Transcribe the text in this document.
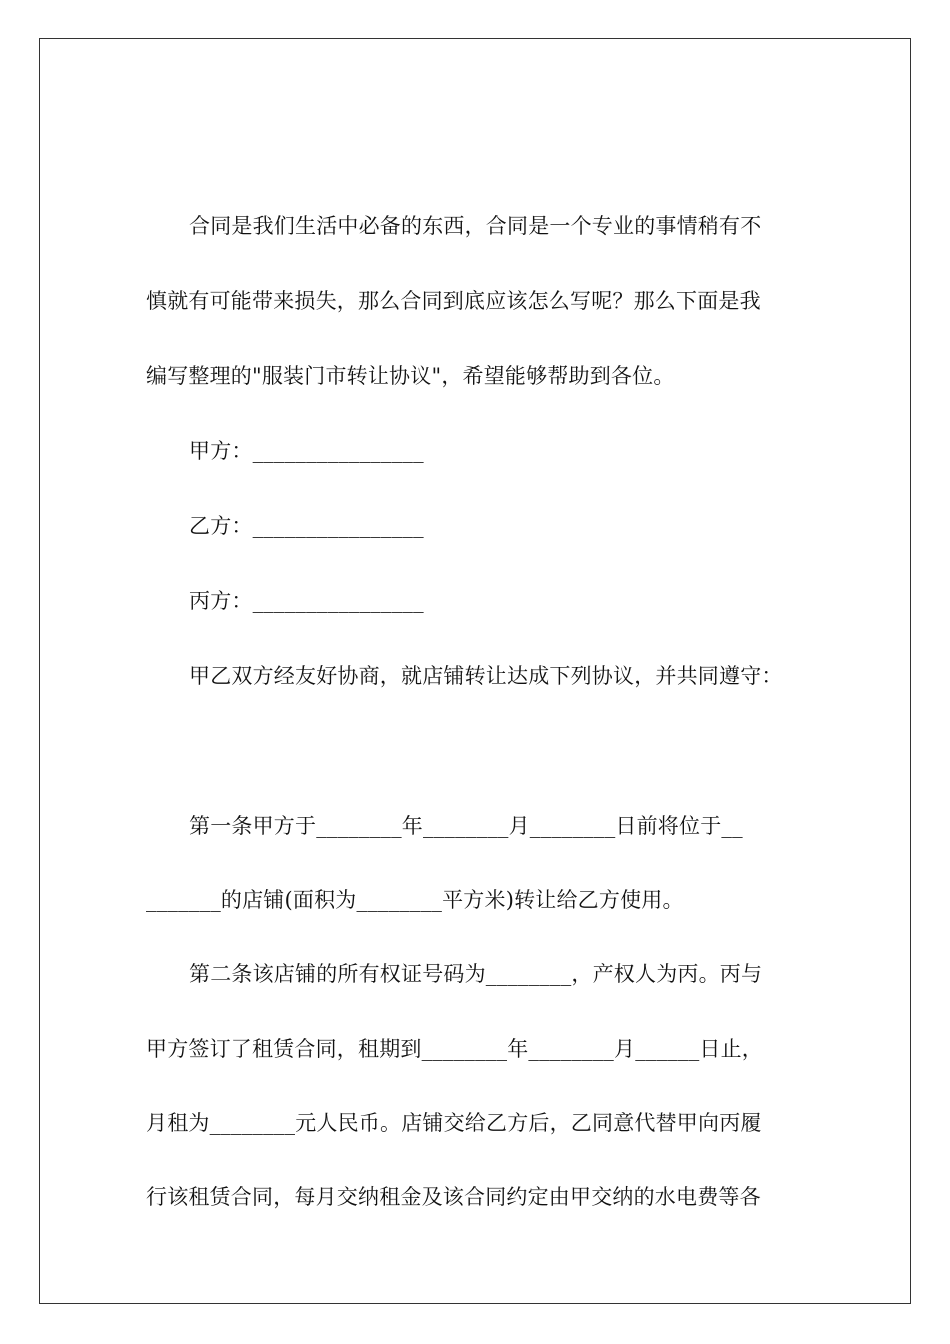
合同是我们生活中必备的东西，合同是一个专业的事情稍有不
慎就有可能带来损失，那么合同到底应该怎么写呢？那么下面是我
编写整理的"服装门市转让协议"，希望能够帮助到各位。
甲方：________________
乙方：________________
丙方：________________
甲乙双方经友好协商，就店铺转让达成下列协议，并共同遵守：
第一条甲方于________年________月________日前将位于__
_______的店铺(面积为________平方米)转让给乙方使用。
第二条该店铺的所有权证号码为________，产权人为丙。丙与
甲方签订了租赁合同，租期到________年________月______日止，
月租为________元人民币。店铺交给乙方后，乙同意代替甲向丙履
行该租赁合同，每月交纳租金及该合同约定由甲交纳的水电费等各
